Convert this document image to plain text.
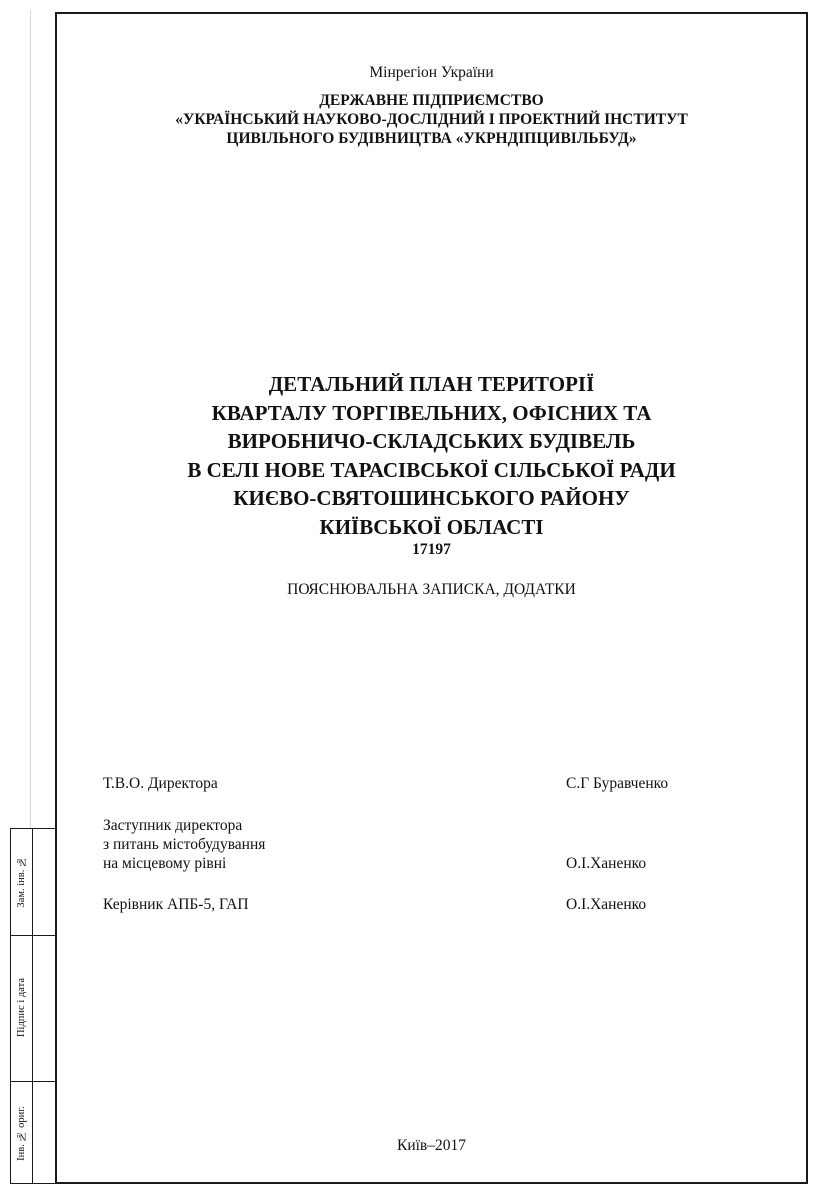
Зам. інв. №
Підпис і дата
Інв. № ориг.
Мінрегіон України
ДЕРЖАВНЕ ПІДПРИЄМСТВО
«УКРАЇНСЬКИЙ НАУКОВО-ДОСЛІДНИЙ І ПРОЕКТНИЙ ІНСТИТУТ
ЦИВІЛЬНОГО БУДІВНИЦТВА «УКРНДІПЦИВІЛЬБУД»
ДЕТАЛЬНИЙ ПЛАН ТЕРИТОРІЇ
КВАРТАЛУ ТОРГІВЕЛЬНИХ, ОФІСНИХ ТА
ВИРОБНИЧО-СКЛАДСЬКИХ БУДІВЕЛЬ
В СЕЛІ НОВЕ ТАРАСІВСЬКОЇ СІЛЬСЬКОЇ РАДИ
КИЄВО-СВЯТОШИНСЬКОГО РАЙОНУ
КИЇВСЬКОЇ ОБЛАСТІ
17197
ПОЯСНЮВАЛЬНА ЗАПИСКА, ДОДАТКИ
Т.В.О. Директора	С.Г Буравченко
Заступник директора
з питань містобудування
на місцевому рівні	О.І.Ханенко
Керівник АПБ-5, ГАП	О.І.Ханенко
Київ–2017
